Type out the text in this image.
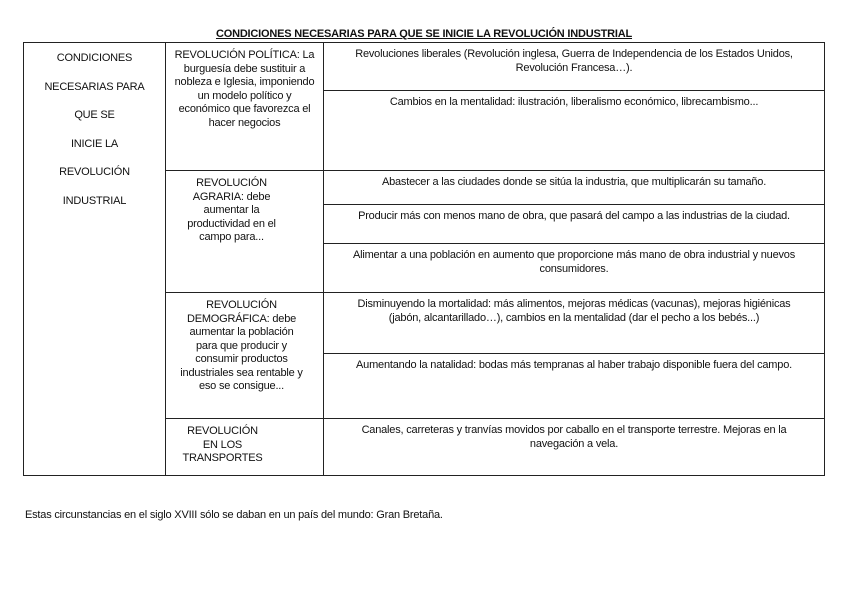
CONDICIONES NECESARIAS PARA QUE SE INICIE LA REVOLUCIÓN INDUSTRIAL
CONDICIONES
NECESARIAS PARA
QUE SE
INICIE LA
REVOLUCIÓN
INDUSTRIAL
REVOLUCIÓN POLÍTICA: La burguesía debe sustituir a nobleza e Iglesia, imponiendo un modelo político y económico que favorezca el hacer negocios
Revoluciones liberales (Revolución inglesa, Guerra de Independencia de los Estados Unidos, Revolución Francesa…).
Cambios en la mentalidad: ilustración, liberalismo económico, librecambismo...
REVOLUCIÓN AGRARIA: debe aumentar la productividad en el campo para...
Abastecer a las ciudades donde se sitúa la industria, que multiplicarán su tamaño.
Producir más con menos mano de obra, que pasará del campo a las industrias de la ciudad.
Alimentar a una población en aumento que proporcione más mano de obra industrial y nuevos consumidores.
REVOLUCIÓN DEMOGRÁFICA: debe aumentar la población para que producir y consumir productos industriales sea rentable y eso se consigue...
Disminuyendo la mortalidad: más alimentos, mejoras médicas (vacunas), mejoras higiénicas (jabón, alcantarillado…), cambios en la mentalidad (dar el pecho a los bebés...)
Aumentando la natalidad: bodas más tempranas al haber trabajo disponible fuera del campo.
REVOLUCIÓN EN LOS TRANSPORTES
Canales, carreteras y tranvías movidos por caballo en el transporte terrestre. Mejoras en la navegación a vela.
Estas circunstancias en el siglo XVIII sólo se daban en un país del mundo: Gran Bretaña.
